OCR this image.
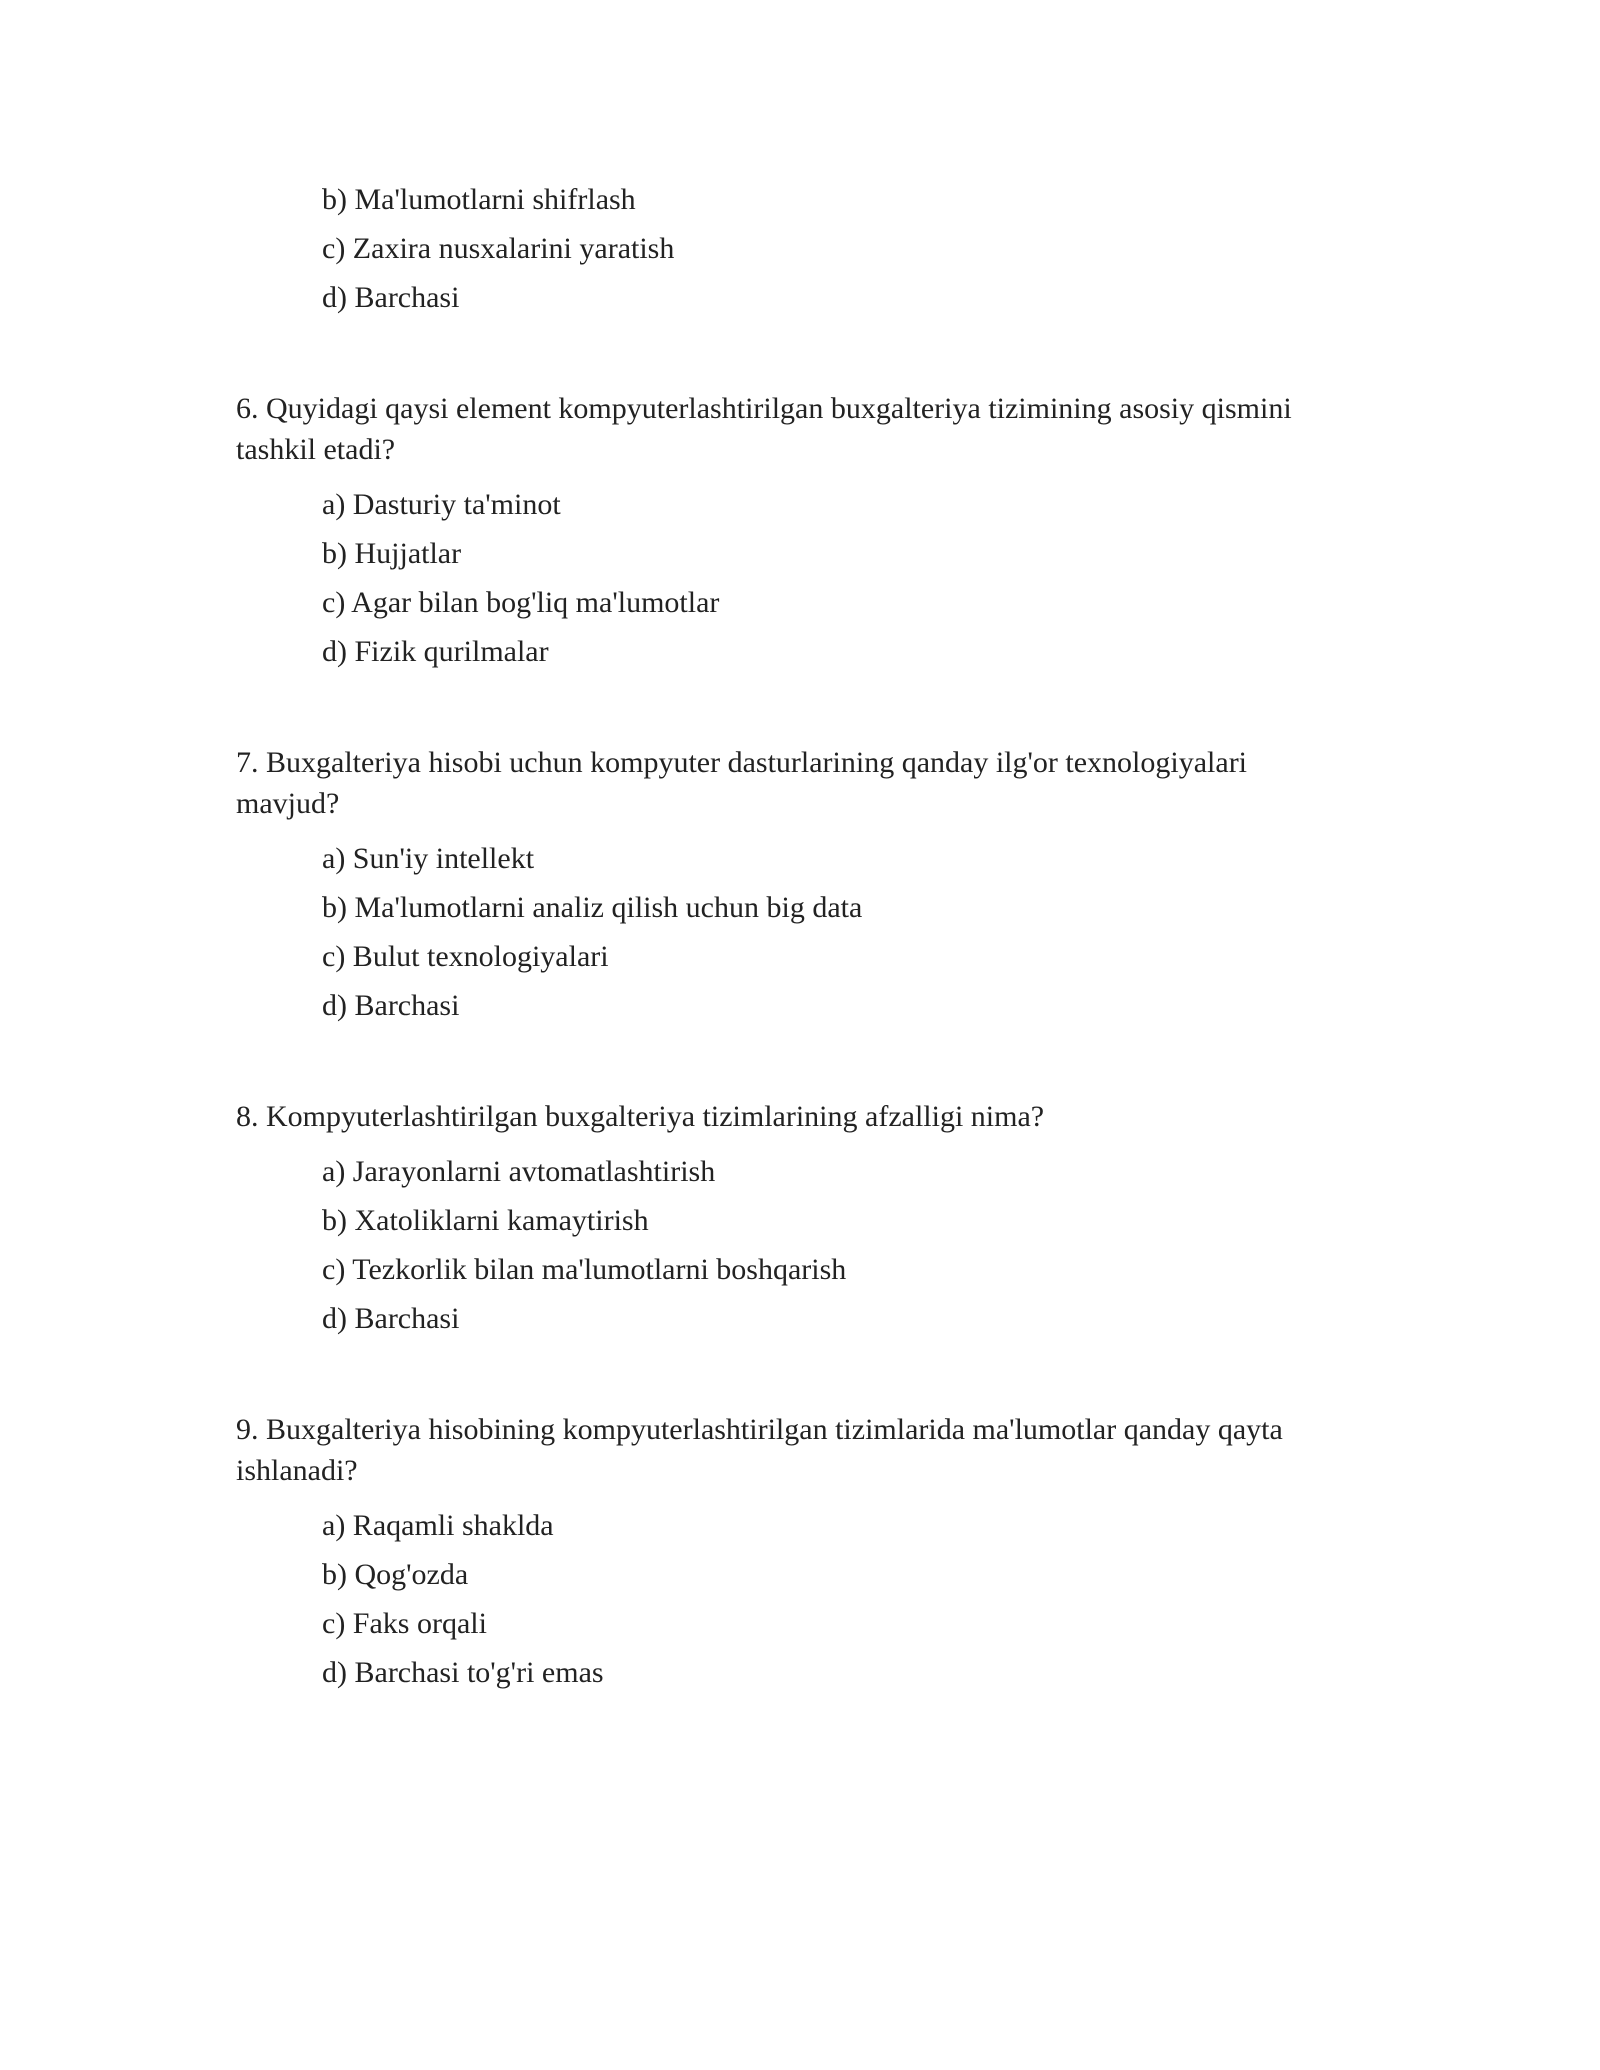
b) Ma'lumotlarni shifrlash
c) Zaxira nusxalarini yaratish
d) Barchasi

6. Quyidagi qaysi element kompyuterlashtirilgan buxgalteriya tizimining asosiy qismini tashkil etadi?

a) Dasturiy ta'minot
b) Hujjatlar
c) Agar bilan bog'liq ma'lumotlar
d) Fizik qurilmalar

7. Buxgalteriya hisobi uchun kompyuter dasturlarining qanday ilg'or texnologiyalari mavjud?

a) Sun'iy intellekt
b) Ma'lumotlarni analiz qilish uchun big data
c) Bulut texnologiyalari
d) Barchasi

8. Kompyuterlashtirilgan buxgalteriya tizimlarining afzalligi nima?

a) Jarayonlarni avtomatlashtirish
b) Xatoliklarni kamaytirish
c) Tezkorlik bilan ma'lumotlarni boshqarish
d) Barchasi

9. Buxgalteriya hisobining kompyuterlashtirilgan tizimlarida ma'lumotlar qanday qayta ishlanadi?

a) Raqamli shaklda
b) Qog'ozda
c) Faks orqali
d) Barchasi to'g'ri emas
